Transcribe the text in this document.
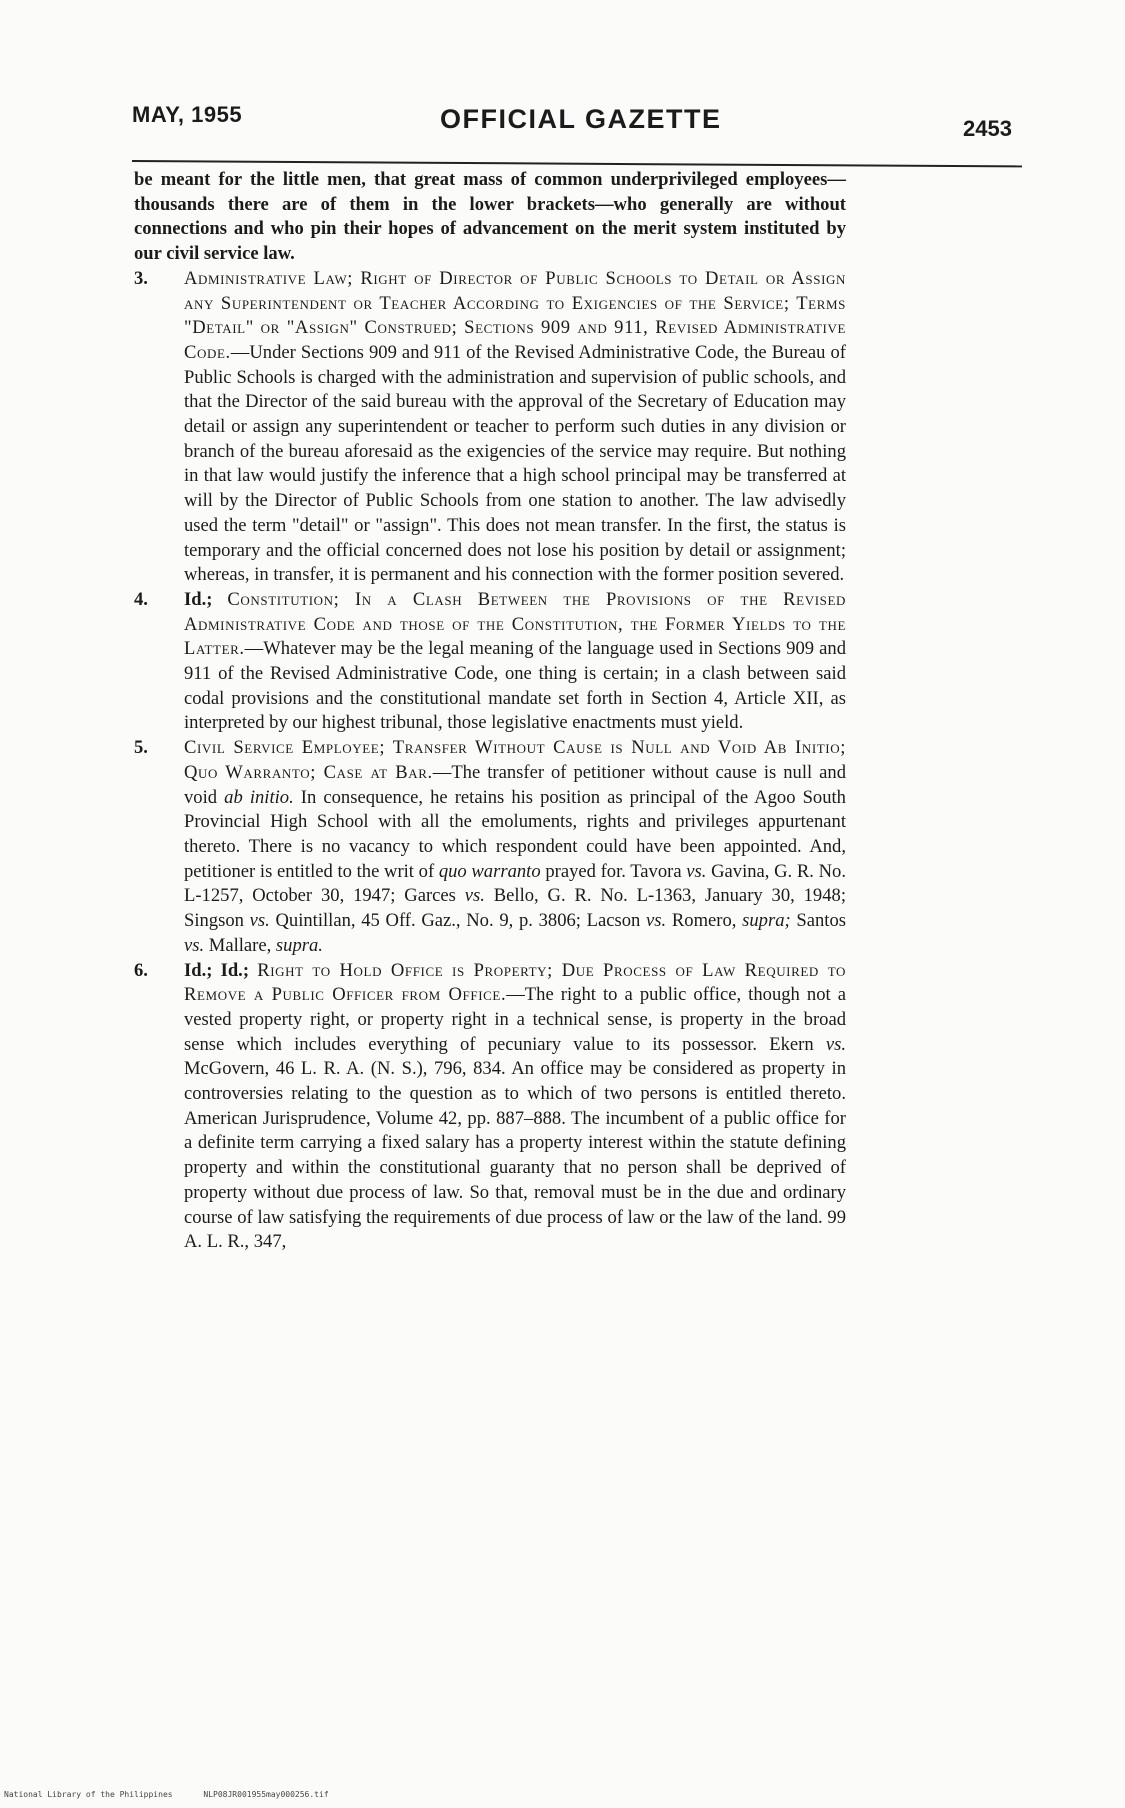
MAY, 1955	OFFICIAL GAZETTE	2453

be meant for the little men, that great mass of common underprivileged employees—thousands there are of them in the lower brackets—who generally are without connections and who pin their hopes of advancement on the merit system instituted by our civil service law.

3. Administrative Law; Right of Director of Public Schools to Detail or Assign any Superintendent or Teacher According to Exigencies of the Service; Terms "Detail" or "Assign" Construed; Sections 909 and 911, Revised Administrative Code.—Under Sections 909 and 911 of the Revised Administrative Code, the Bureau of Public Schools is charged with the administration and supervision of public schools, and that the Director of the said bureau with the approval of the Secretary of Education may detail or assign any superintendent or teacher to perform such duties in any division or branch of the bureau aforesaid as the exigencies of the service may require. But nothing in that law would justify the inference that a high school principal may be transferred at will by the Director of Public Schools from one station to another. The law advisedly used the term "detail" or "assign". This does not mean transfer. In the first, the status is temporary and the official concerned does not lose his position by detail or assignment; whereas, in transfer, it is permanent and his connection with the former position severed.
4. Id.; Constitution; In a Clash Between the Provisions of the Revised Administrative Code and those of the Constitution, the Former Yields to the Latter.—Whatever may be the legal meaning of the language used in Sections 909 and 911 of the Revised Administrative Code, one thing is certain; in a clash between said codal provisions and the constitutional mandate set forth in Section 4, Article XII, as interpreted by our highest tribunal, those legislative enactments must yield.
5. Civil Service Employee; Transfer Without Cause is Null and Void Ab Initio; Quo Warranto; Case at Bar.—The transfer of petitioner without cause is null and void ab initio. In consequence, he retains his position as principal of the Agoo South Provincial High School with all the emoluments, rights and privileges appurtenant thereto. There is no vacancy to which respondent could have been appointed. And, petitioner is entitled to the writ of quo warranto prayed for. Tavora vs. Gavina, G. R. No. L-1257, October 30, 1947; Garces vs. Bello, G. R. No. L-1363, January 30, 1948; Singson vs. Quintillan, 45 Off. Gaz., No. 9, p. 3806; Lacson vs. Romero, supra; Santos vs. Mallare, supra.
6. Id.; Id.; Right to Hold Office is Property; Due Process of Law Required to Remove a Public Officer from Office.—The right to a public office, though not a vested property right, or property right in a technical sense, is property in the broad sense which includes everything of pecuniary value to its possessor. Ekern vs. McGovern, 46 L. R. A. (N. S.), 796, 834. An office may be considered as property in controversies relating to the question as to which of two persons is entitled thereto. American Jurisprudence, Volume 42, pp. 887–888. The incumbent of a public office for a definite term carrying a fixed salary has a property interest within the statute defining property and within the constitutional guaranty that no person shall be deprived of property without due process of law. So that, removal must be in the due and ordinary course of law satisfying the requirements of due process of law or the law of the land. 99 A. L. R., 347,
National Library of the Philippines	NLP08JR001955may000256.tif
